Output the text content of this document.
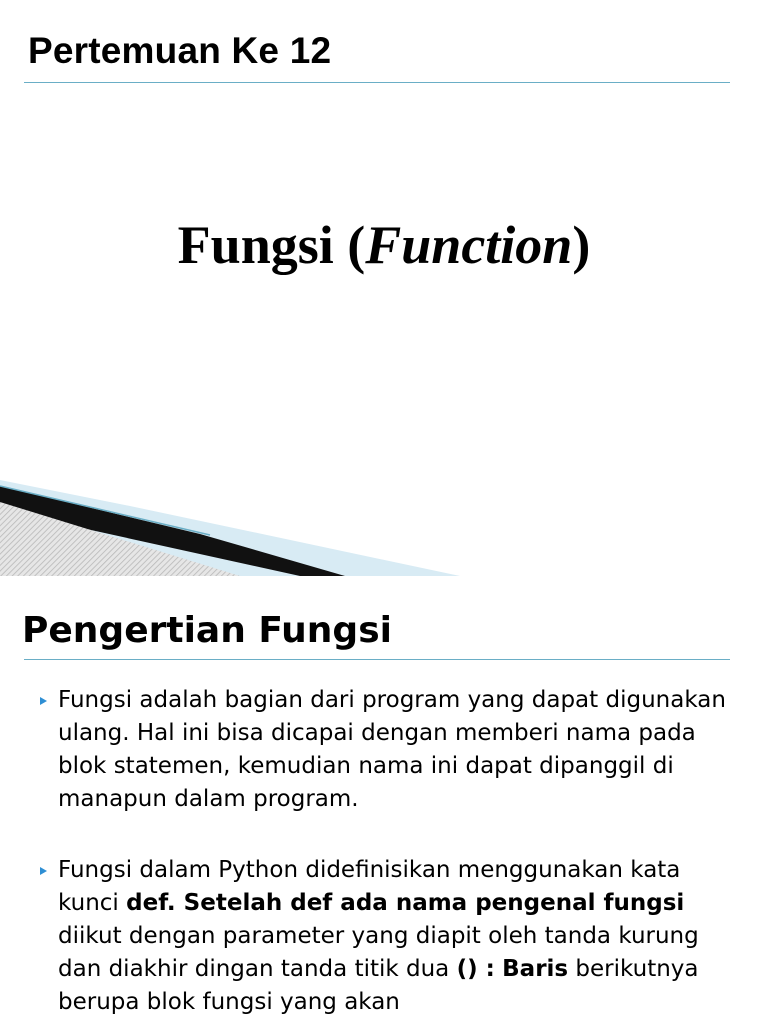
Pertemuan Ke 12
Fungsi (Function)
Pengertian Fungsi
Fungsi adalah bagian dari program yang dapat digunakan ulang. Hal ini bisa dicapai dengan memberi nama pada blok statemen, kemudian nama ini dapat dipanggil di manapun dalam program.
Fungsi dalam Python didefinisikan menggunakan kata kunci def. Setelah def ada nama pengenal fungsi diikut dengan parameter yang diapit oleh tanda kurung dan diakhir dingan tanda titik dua () : Baris berikutnya berupa blok fungsi yang akan
